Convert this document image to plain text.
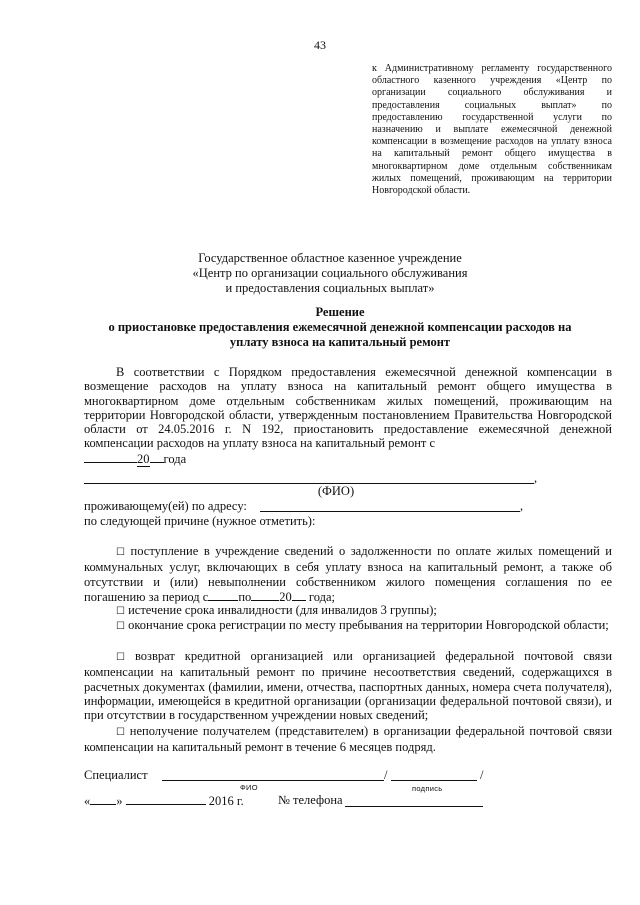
43
к Административному регламенту государственного областного казенного учреждения «Центр по организации социального обслуживания и предоставления социальных выплат» по предоставлению государственной услуги по назначению и выплате ежемесячной денежной компенсации в возмещение расходов на уплату взноса на капитальный ремонт общего имущества в многоквартирном доме отдельным собственникам жилых помещений, проживающим на территории Новгородской области.
Государственное областное казенное учреждение
«Центр по организации социального обслуживания
и предоставления социальных выплат»
Решение
о приостановке предоставления ежемесячной денежной компенсации расходов на
уплату взноса на капитальный ремонт
В соответствии с Порядком предоставления ежемесячной денежной компенсации в возмещение расходов на уплату взноса на капитальный ремонт общего имущества в многоквартирном доме отдельным собственникам жилых помещений, проживающим на территории Новгородской области, утвержденным постановлением Правительства Новгородской области от 24.05.2016 г. N 192, приостановить предоставление ежемесячной денежной компенсации расходов на уплату взноса на капитальный ремонт с
20 года
,
(ФИО)
проживающему(ей) по адресу:	,
по следующей причине (нужное отметить):
☐ поступление в учреждение сведений о задолженности по оплате жилых помещений и коммунальных услуг, включающих в себя уплату взноса на капитальный ремонт, а также об отсутствии и (или) невыполнении собственником жилого помещения соглашения по ее погашению за период с по 20 года;
☐ истечение срока инвалидности (для инвалидов 3 группы);
☐ окончание срока регистрации по месту пребывания на территории Новгородской области;
☐ возврат кредитной организацией или организацией федеральной почтовой связи компенсации на капитальный ремонт по причине несоответствия сведений, содержащихся в расчетных документах (фамилии, имени, отчества, паспортных данных, номера счета получателя), информации, имеющейся в кредитной организации (организации федеральной почтовой связи), и при отсутствии в государственном учреждении новых сведений;
☐ неполучение получателем (представителем) в организации федеральной почтовой связи компенсации на капитальный ремонт в течение 6 месяцев подряд.
Специалист	/	/
ФИО	подпись
« »	2016 г.	№ телефона
